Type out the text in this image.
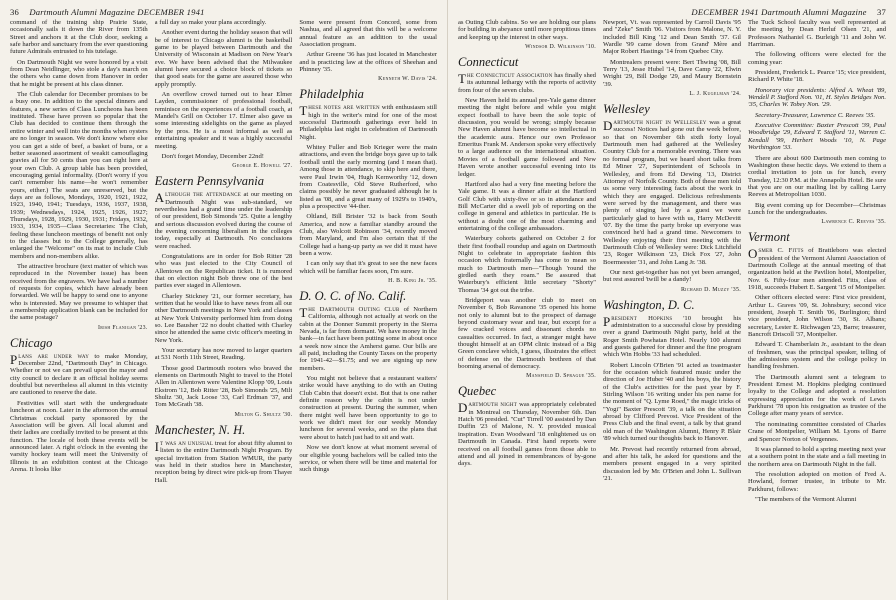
36 Dartmouth Alumni Magazine DECEMBER 1941

command of the training ship Prairie State, occasionally sails it down the River from 135th Street and anchors it at the Club door, seeking a safe harbor and sanctuary from the ever questioning future Admirals entrusted to his tutelage.

On Dartmouth Night we were honored by a visit from Dean Neidlinger, who stole a day's march on the others who came down from Hanover in order that he might be present at his class dinner.

The Club calendar for December promises to be a busy one. In addition to the special dinners and features, a new series of Class Luncheons has been instituted. These have proven so popular that the Club has decided to continue them through the entire winter and well into the months when oysters are no longer in season. We don't know where else you can get a side of beef, a basket of buns, or a better seasoned assortment of weakit camouflaging gravies all for 50 cents than you can right here at your own Club. A group table has been provided, encouraging genial informality. (Don't worry if you can't remember his name—he won't remember yours, either.) The seats are unreserved, but the days are as follows, Mondays, 1920, 1921, 1922, 1923, 1940, 1941; Tuesdays, 1936, 1937, 1938, 1939; Wednesdays, 1924, 1925, 1926, 1927; Thursdays, 1928, 1929, 1930, 1931; Fridays, 1932, 1933, 1934, 1935—Class Secretaries: The Club, feeling these luncheon meetings of benefit not only to the classes but to the College generally, has enlarged the "Welcome" on its mat to include Club members and non-members alike.

The attractive brochure (text matter of which was reproduced in the November issue) has been received from the engravers. We have had a number of requests for copies, which have already been forwarded. We will be happy to send one to anyone who is interested. May we presume to whisper that a membership application blank can be included for the same postage?

Irish Flanigan '23.
Chicago

Plans are under way to make Monday, December 22nd, "Dartmouth Day" in Chicago. Whether or not we can prevail upon the mayor and city council to declare it an official holiday seems doubtful but nevertheless all alumni in this vicinity are cautioned to reserve the date.

Festivities will start with the undergraduate luncheon at noon. Later in the afternoon the annual Christmas cocktail party sponsored by the Association will be given. All local alumni and their ladies are cordially invited to be present at this function. The locale of both these events will be announced later. A right o'clock in the evening the varsity hockey team will meet the University of Illinois in an exhibition contest at the Chicago Arena. It looks like

a full day so make your plans accordingly.

Another event during the holiday season that will be of interest to Chicago alumni is the basketball game to be played between Dartmouth and the University of Wisconsin at Madison on New Year's eve. We have been advised that the Milwaukee alumni have secured a choice block of tickets so that good seats for the game are assured those who apply promptly.

An overflow crowd turned out to hear Elmer Layden, commissioner of professional football, reminisce on the experiences of a football coach, at Mandel's Grill on October 17. Elmer also gave us some interesting sidelights on the game as played by the pros. He is a most informal as well as entertaining speaker and it was a highly successful meeting.

Don't forget Monday, December 22nd!

George E. Howell '27.
Eastern Pennsylvania

Although the attendance at our meeting on Dartmouth Night was sub-standard, we nevertheless had a grand time under the leadership of our president, Bob Simonds '25. Quite a lengthy and serious discussion evolved during the course of the evening concerning liberalism in the colleges today, especially at Dartmouth. No conclusions were reached.

Congratulations are in order for Bob Ritter '28 who was just elected to the City Council of Allentown on the Republican ticket. It is rumored that on election night Bob threw one of the best parties ever staged in Allentown.

Charley Stickney '21, our former secretary, has written that he would like to have news from all our other Dartmouth meetings in New York and classes at New York University performed him from doing so. Lee Bausher '22 no doubt chatted with Charley since he attended the same civic officer's meeting in New York.

Your secretary has now moved to larger quarters at 531 North 11th Street, Reading.

Those good Dartmouth rooters who braved the elements on Dartmouth Night to travel to the Hotel Allen in Allentown were Valentine Klopp '09, Louis Ekstrom '12, Bob Ritter '28, Bob Simonds '25, Milt Shultz '30, Jack Loose '33, Carl Erdman '37, and Tom McGrath '38.

Milton G. Shultz '30.
Manchester, N. H.

It was an unusual treat for about fifty alumni to listen to the entire Dartmouth Night Program. By special invitation from Station WMUR, the party was held in their studios here in Manchester, reception being by direct wire pick-up from Thayer Hall.

Some were present from Concord, some from Nashua, and all agreed that this will be a welcome annual feature as an addition to the usual Association program.

Arthur Greene '36 has just located in Manchester and is practicing law at the offices of Sheehan and Phinney '35.

Kenneth W. Davis '24.
Philadelphia

These notes are written with enthusiasm still high in the writer's mind for one of the most successful Dartmouth gatherings ever held in Philadelphia last night in celebration of Dartmouth Night.

Whitey Fuller and Bob Krieger were the main attractions, and even the bridge boys gave up to talk football until the early morning (and I mean that). Among those in attendance, to skip here and there, were Paul Irwin '04, Hugh Kernworthy '12, down from Coatesville, Old Steve Rutherford, who claims possibly he never graduated although he is listed as '08, and a great many of 1929's to 1940's, plus a prospective '44-ther.

Oltland, Bill Brister '32 is back from South America, and now a familiar standby around the Club, also Wolcott Robinson '34, recently moved from Maryland, and I'm also certain that if the College had a hang-up party as we did it must have been a wow.

I can only say that it's great to see the new faces which will be familiar faces soon, I'm sure.

H. B. King Jr. '35.
D. O. C. of No. Calif.

The Dartmouth Outing Club of Northern California, although not actually at work on the cabin at the Donner Summit property in the Sierra Nevada, is far from dormant. We have money in the bank—in fact have been putting some in about once a week now since the Amherst game. Our bills are all paid, including the County Taxes on the property for 1941-42—$1.75; and we are signing up new members.

You might not believe that a restaurant waiters' strike would have anything to do with an Outing Club Cabin that doesn't exist. But that is one rather definite reason why the cabin is not under construction at present. During the summer, when there might well have been opportunity to go to work we didn't meet for our weekly Monday luncheon for several weeks, and so the plans that were about to hatch just had to sit and wait.

Now we don't know at what moment several of our eligible young bachelors will be called into the service, or when there will be time and material for such things

DECEMBER 1941 Dartmouth Alumni Magazine 37

as Outing Club cabins. So we are holding our plans for building in abeyance until more propitious times and keeping up the interest in other ways.

Windsor D. Wilkinson '10.
Connecticut

The Connecticut Association has finally shed its autumnal lethargy with the reports of activity from four of the seven clubs.

New Haven held its annual pre-Yale game dinner meeting the night before and while you might expect football to have been the sole topic of discussion, you would be wrong; simply because New Haven alumni have become so intellectual in the academic aura. Hence our own Professor Emeritus Frank M. Anderson spoke very effectively to a large audience on the international situation. Movies of a football game followed and New Haven wrote another successful evening into its ledger.

Hartford also had a very fine meeting before the Yale game. It was a dinner affair at the Hartford Golf Club with sixty-five or so in attendance and Bill McCarter did a swell job of reporting on the college in general and athletics in particular. He is without a doubt one of the most charming and entertaining of the college ambassadors.

Waterbury cohorts gathered on October 2 for their first football roundup and again on Dartmouth Night to celebrate in appropriate fashion this occasion which fraternally has come to mean so much to Dartmouth men—"Though 'round the girdled earth they roam." Be assured that Waterbury's efficient little secretary "Shorty" Thomas '34 got out the tribe.

Bridgeport was another club to meet on November 6, Bob Ravanone '35 opened his home not only to alumni but to the prospect of damage beyond customary wear and tear, but except for a few cracked voices and dissonant chords no casualties occurred. In fact, a stranger might have thought himself at an OPM clinic instead of a Big Green conclave which, I guess, illustrates the effect of defense on the Dartmouth brethren of that booming arsenal of democracy.

Mansfield D. Sprague '35.
Quebec

Dartmouth night was appropriately celebrated in Montreal on Thursday, November 6th. Dan Hatch '06 presided. "Cut" Tirrell '00 assisted by Dan Duffin '23 of Malone, N. Y. provided musical inspiration. Evan Woodward '18 enlightened us on Dartmouth in Canada. First hand reports were received on all football games from those able to attend and all joined in remembrances of by-gone days.

Newport, Vt. was represented by Carroll Davis '95 and "Zeke" Smith '06. Visitors from Malone, N. Y. included Bill King '12 and Dean Smith '37. Gil Wardle '99 came down from Grand' Mère and Major Robert Hastings '14 from Quebec City.

Montrealers present were: Bert Thwing '08, Bill Terry '13, Jesse Hubel '14, Dave Camp '22, Elwin Wright '29, Bill Dodge '29, and Maury Bornstein '39.

L. J. Kugelman '24.
Wellesley

Dartmouth night in Wellesley was a great success! Notices had gone out the week before, so that on November 6th sixth forty loyal Dartmouth men had gathered at the Wellesley Country Club for a memorable evening. There was no formal program, but we heard short talks from Ed Miner '27, Superintendent of Schools in Wellesley, and from Ed Dewing '13, District Attorney of Norfolk County. Both of these men told us some very interesting facts about the work in which they are engaged. Delicious refreshments were served by the management, and there was plenty of singing led by a guest we were particularly glad to have with us, Harry McDevitt '07. By the time the party broke up everyone was convinced he'd had a grand time. Newcomers to Wellesley enjoying their first meeting with the Dartmouth Club of Wellesley were: Dick Litchfield '23, Roger Wilkinson '23, Dick Fox '27, John Boermeester '31, and John Lang Jr. '38.

Our next get-together has not yet been arranged, but rest assured 'twill be a dandy!

Richard D. Muzzy '35.
Washington, D. C.

President Hopkins '10 brought his administration to a successful close by presiding over a grand Dartmouth Night party, held at the Roger Smith Powhatan Hotel. Nearly 100 alumni and guests gathered for dinner and the fine program which Win Hobbs '33 had scheduled.

Robert Lincoln O'Brien '91 acted as toastmaster for the occasion which featured music under the direction of Joe Huber '40 and his boys, the history of the Club's activities for the past year by F. Stirling Wilson '16 writing under his pen name for the moment of "Q. Lyme Roed," the magic tricks of "Yogi" Baxter Prescott '39, a talk on the situation abroad by Clifford Prevost. Vice President of the Press Club and the final event, a talk by that grand old man of the Washington Alumni, Henry P. Blair '89 which turned our thoughts back to Hanover.

Mr. Prevost had recently returned from abroad, and after his talk, he asked for questions and the members present engaged in a very spirited discussion led by Mr. O'Brien and John L. Sullivan '21.

The Tuck School faculty was well represented at the meeting by Dean Herluf Olsen '21, and Professors Nathaniel G. Burleigh '11 and John W. Harriman.

The following officers were elected for the coming year:

President, Frederick L. Pearce '15; vice president, Richard P. White '18.

Honorary vice presidents: Alfred A. Wheat '89, Wendell P. Stafford Non. '01, H. Styles Bridges Non. '35, Charles W. Tobey Non. '29.

Secretary-Treasurer, Lawrence C. Reeves '35.

Executive Committee: Baxter Prescott '39, Paul Woodbridge '29, Edward T. Stafford '11, Warren C. Kendall '99, Herbert Woods '10, N. Page Worthington '33.

There are about 600 Dartmouth men coming to Washington these hectic days. We extend to them a cordial invitation to join us for lunch, every Tuesday, 12:30 P.M. at the Annapolis Hotel. Be sure that you are on our mailing list by calling Larry Reeves at Metropolitan 1030.

Big event coming up for December—Christmas Lunch for the undergraduates.

Lawrence C. Reeves '35.
Vermont

Osmer C. Fitts of Brattleboro was elected president of the Vermont Alumni Association of Dartmouth College at the annual meeting of that organization held at the Pavilion hotel, Montpelier, Nov. 6. Fifty-four men attended. Fitts, class of 1918, succeeds Hubert E. Sargent '15 of Montpelier.

Other officers elected were: First vice president, Arthur L. Graves '09, St. Johnsbury; second vice president, Joseph T. Smith '06, Burlington; third vice president, John Wilson '30, St. Albans; secretary, Lester E. Richwagen '23, Barre; treasurer, Bancroft Driscoll '37, Montpelier.

Edward T. Chamberlain Jr., assistant to the dean of freshmen, was the principal speaker, telling of the admissions system and the college policy in handling freshmen.

The Dartmouth alumni sent a telegram to President Ernest M. Hopkins pledging continued loyalty to the College and adopted a resolution expressing appreciation for the work of Lewis Parkhurst '78 upon his resignation as trustee of the College after many years of service.

The nominating committee consisted of Charles Crane of Montpelier, William M. Lyons of Barre and Spencer Norton of Vergennes.

It was planned to hold a spring meeting next year at a southern point in the state and a fall meeting in the northern area on Dartmouth Night in the fall.

The resolution adopted on motion of Fred A. Howland, former trustee, in tribute to Mr. Parkhurst, follows:

"The members of the Vermont Alumni
